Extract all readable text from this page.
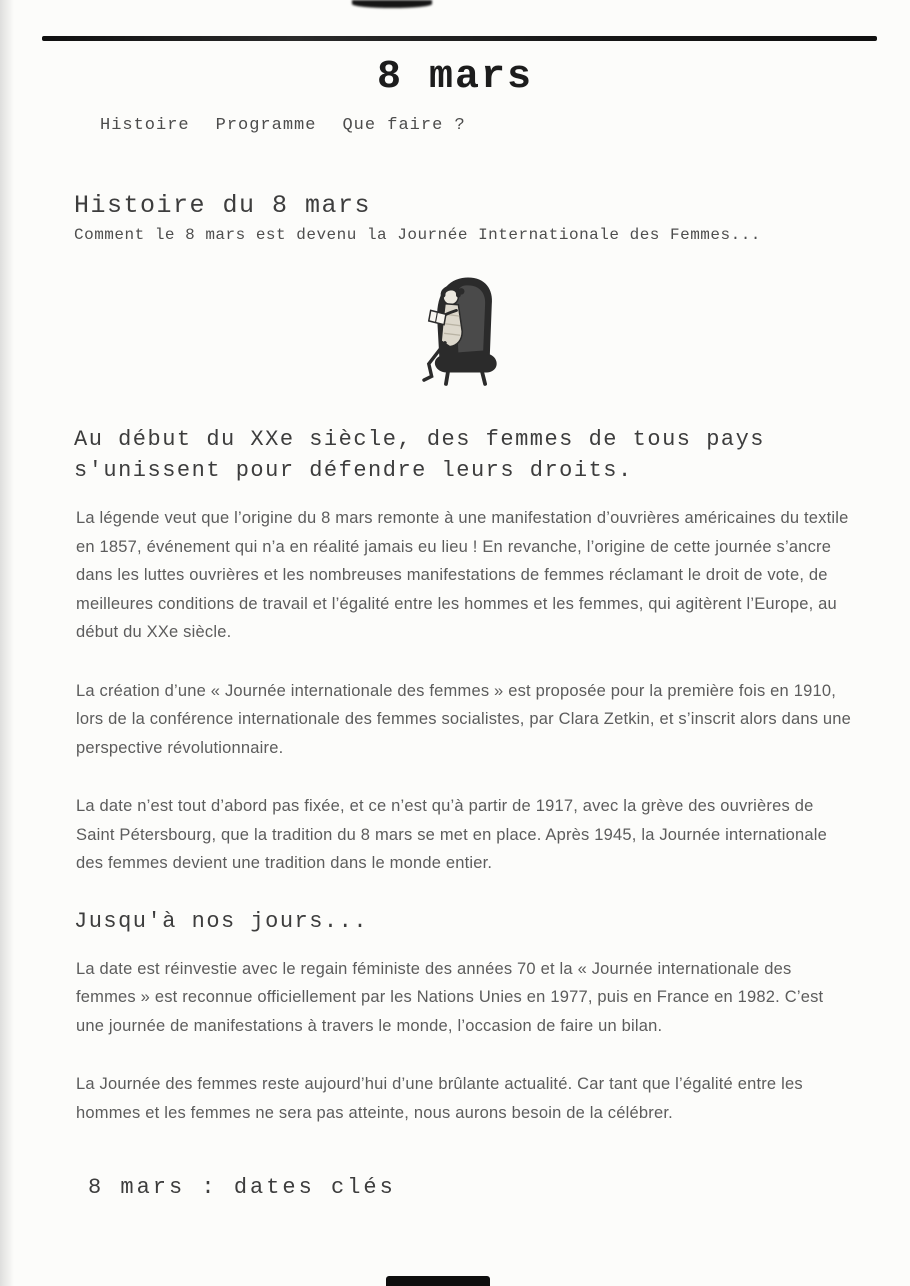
8 mars
Histoire Programme Que faire ?
Histoire du 8 mars
Comment le 8 mars est devenu la Journée Internationale des Femmes...
Au début du XXe siècle, des femmes de tous pays s'unissent pour défendre leurs droits.

La légende veut que l’origine du 8 mars remonte à une manifestation d’ouvrières américaines du textile en 1857, événement qui n’a en réalité jamais eu lieu ! En revanche, l’origine de cette journée s’ancre dans les luttes ouvrières et les nombreuses manifestations de femmes réclamant le droit de vote, de meilleures conditions de travail et l’égalité entre les hommes et les femmes, qui agitèrent l’Europe, au début du XXe siècle.

La création d’une « Journée internationale des femmes » est proposée pour la première fois en 1910, lors de la conférence internationale des femmes socialistes, par Clara Zetkin, et s’inscrit alors dans une perspective révolutionnaire.

La date n’est tout d’abord pas fixée, et ce n’est qu’à partir de 1917, avec la grève des ouvrières de Saint Pétersbourg, que la tradition du 8 mars se met en place. Après 1945, la Journée internationale des femmes devient une tradition dans le monde entier.

Jusqu'à nos jours...

La date est réinvestie avec le regain féministe des années 70 et la « Journée internationale des femmes » est reconnue officiellement par les Nations Unies en 1977, puis en France en 1982. C’est une journée de manifestations à travers le monde, l’occasion de faire un bilan.

La Journée des femmes reste aujourd’hui d’une brûlante actualité. Car tant que l’égalité entre les hommes et les femmes ne sera pas atteinte, nous aurons besoin de la célébrer.

8 mars : dates clés
